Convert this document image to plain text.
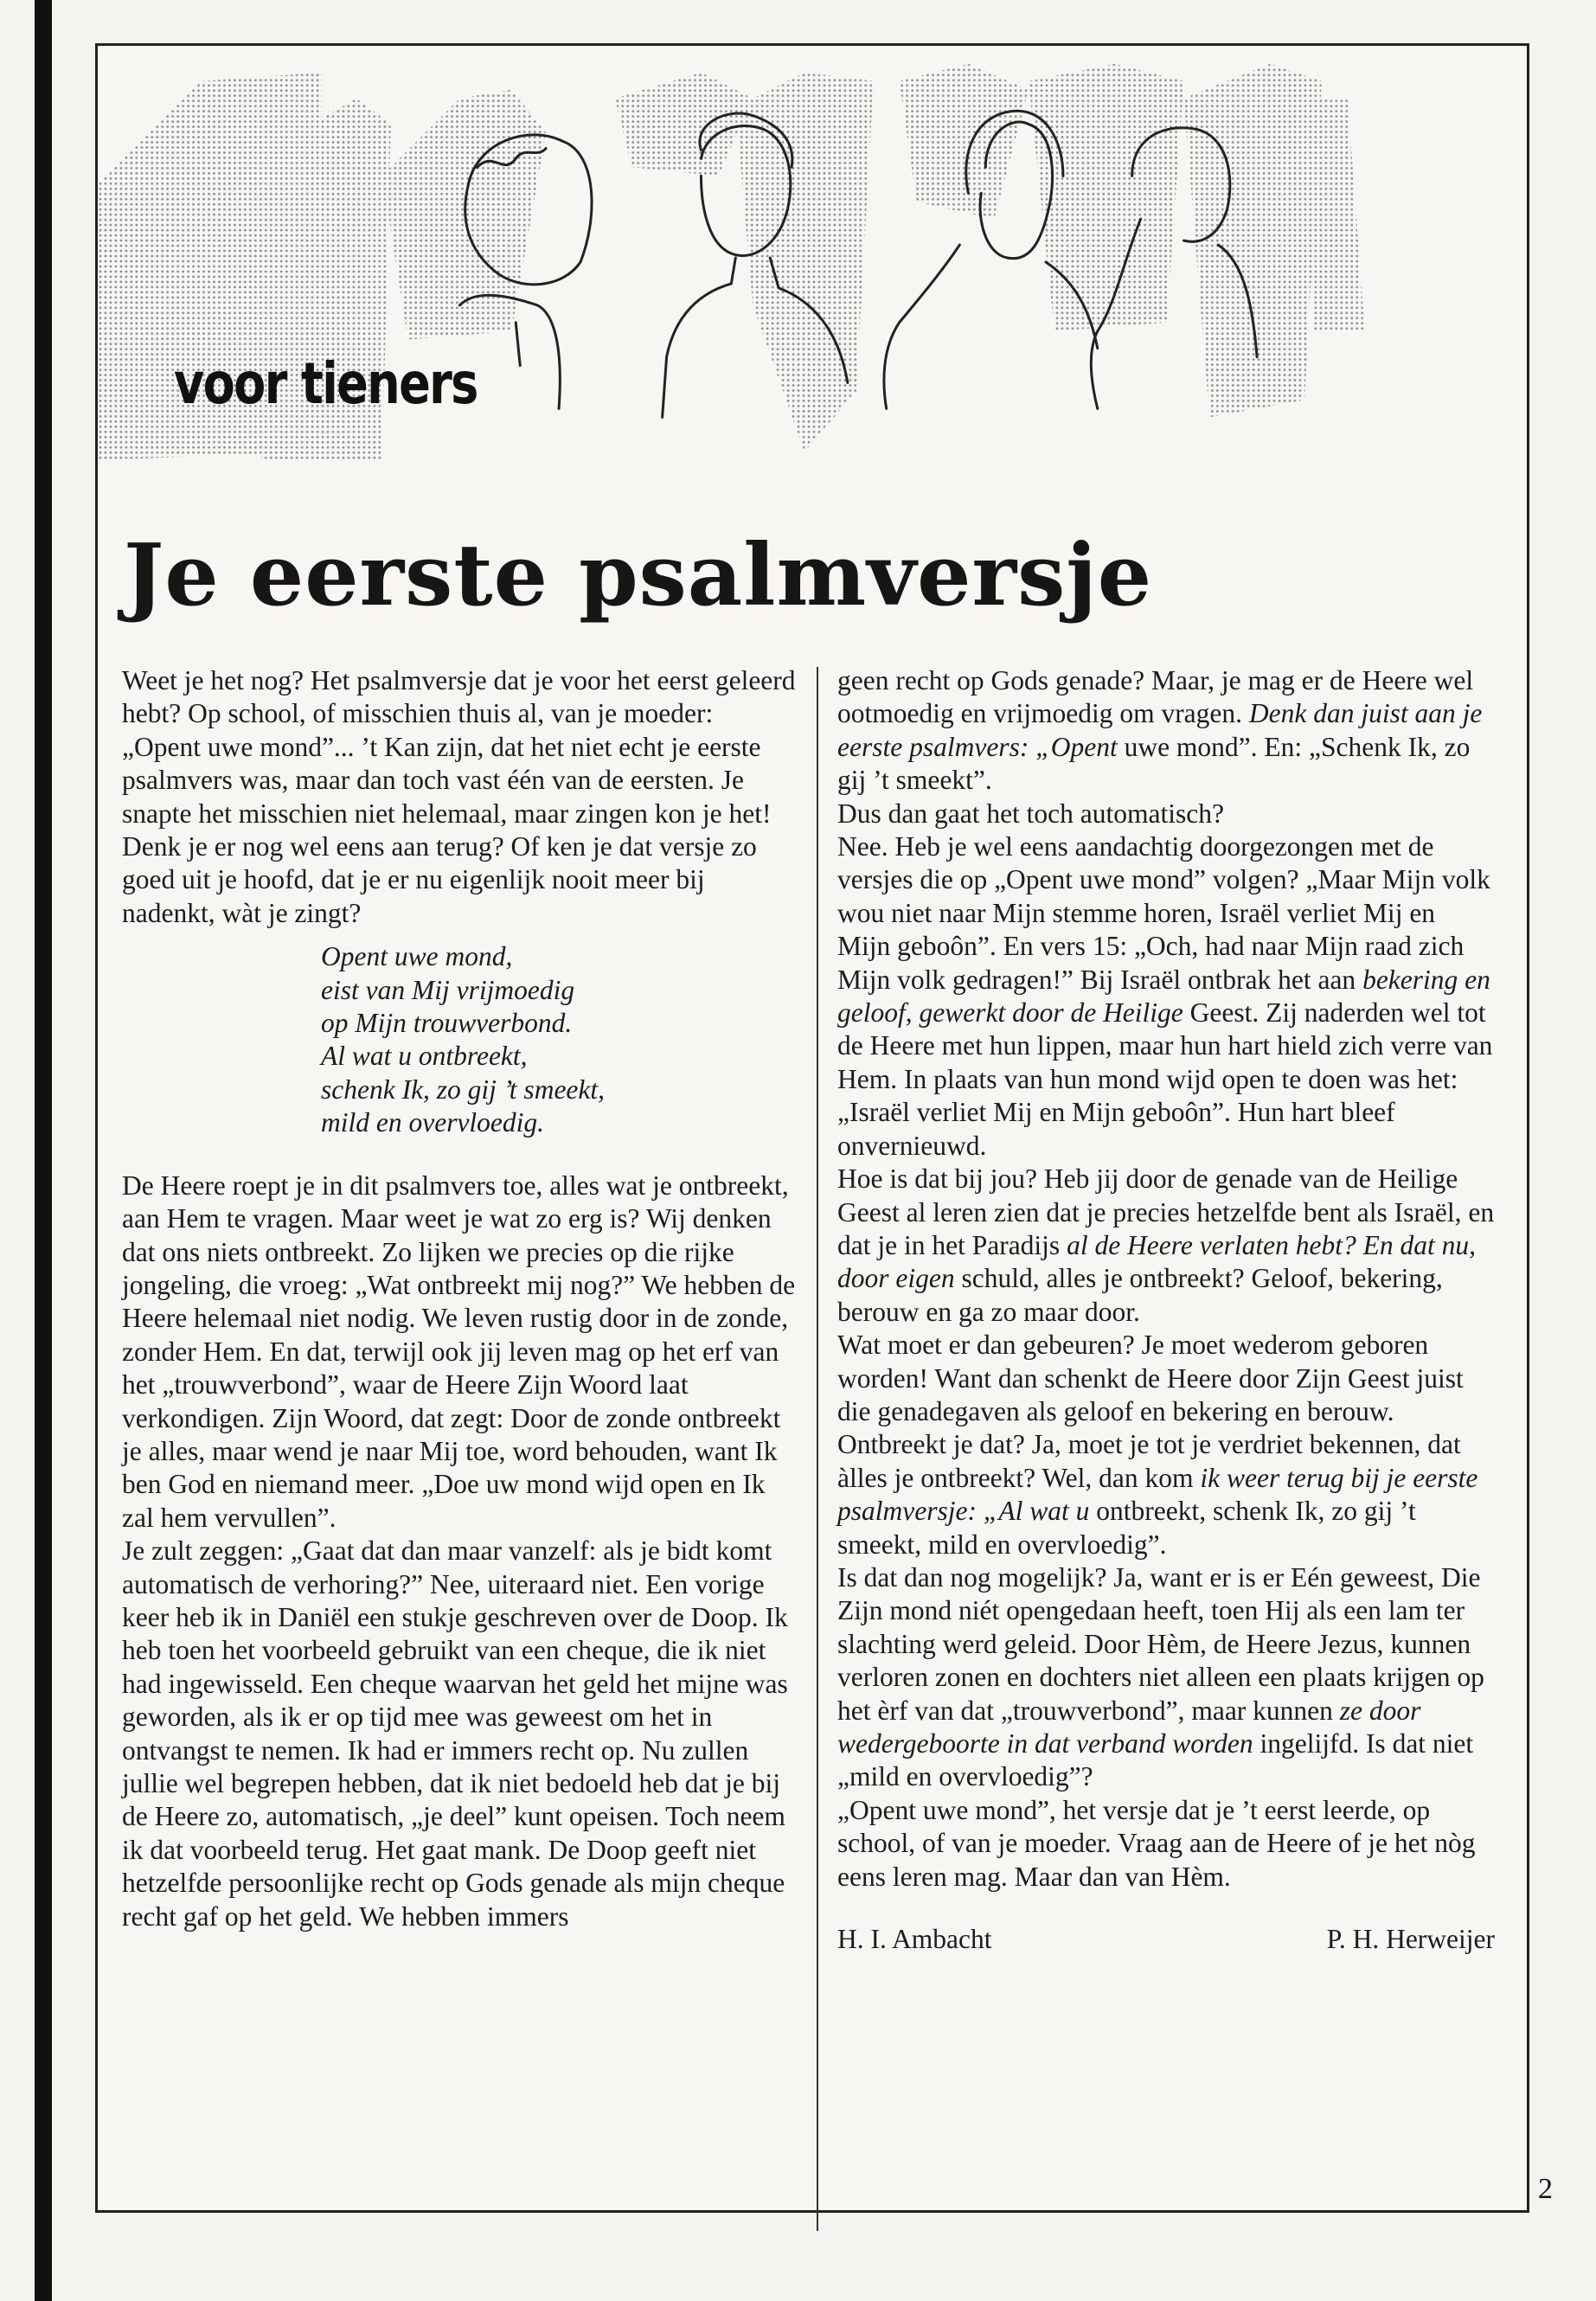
voor tieners
Je eerste psalmversje

Weet je het nog? Het psalmversje dat je voor het eerst geleerd hebt? Op school, of misschien thuis al, van je moeder: „Opent uwe mond”... ’t Kan zijn, dat het niet echt je eerste psalmvers was, maar dan toch vast één van de eersten. Je snapte het misschien niet helemaal, maar zingen kon je het! Denk je er nog wel eens aan terug? Of ken je dat versje zo goed uit je hoofd, dat je er nu eigenlijk nooit meer bij nadenkt, wàt je zingt?

Opent uwe mond,
eist van Mij vrijmoedig
op Mijn trouwverbond.
Al wat u ontbreekt,
schenk Ik, zo gij ’t smeekt,
mild en overvloedig.

De Heere roept je in dit psalmvers toe, alles wat je ontbreekt, aan Hem te vragen. Maar weet je wat zo erg is? Wij denken dat ons niets ontbreekt. Zo lijken we precies op die rijke jongeling, die vroeg: „Wat ontbreekt mij nog?” We hebben de Heere helemaal niet nodig. We leven rustig door in de zonde, zonder Hem. En dat, terwijl ook jij leven mag op het erf van het „trouwverbond”, waar de Heere Zijn Woord laat verkondigen. Zijn Woord, dat zegt: Door de zonde ontbreekt je alles, maar wend je naar Mij toe, word behouden, want Ik ben God en niemand meer. „Doe uw mond wijd open en Ik zal hem vervullen”.

Je zult zeggen: „Gaat dat dan maar vanzelf: als je bidt komt automatisch de verhoring?” Nee, uiteraard niet. Een vorige keer heb ik in Daniël een stukje geschreven over de Doop. Ik heb toen het voorbeeld gebruikt van een cheque, die ik niet had ingewisseld. Een cheque waarvan het geld het mijne was geworden, als ik er op tijd mee was geweest om het in ontvangst te nemen. Ik had er immers recht op. Nu zullen jullie wel begrepen hebben, dat ik niet bedoeld heb dat je bij de Heere zo, automatisch, „je deel” kunt opeisen. Toch neem ik dat voorbeeld terug. Het gaat mank. De Doop geeft niet hetzelfde persoonlijke recht op Gods genade als mijn cheque recht gaf op het geld. We hebben immers

geen recht op Gods genade? Maar, je mag er de Heere wel ootmoedig en vrijmoedig om vragen. Denk dan juist aan je eerste psalmvers: „Opent uwe mond”. En: „Schenk Ik, zo gij ’t smeekt”.

Dus dan gaat het toch automatisch?

Nee. Heb je wel eens aandachtig doorgezongen met de versjes die op „Opent uwe mond” volgen? „Maar Mijn volk wou niet naar Mijn stemme horen, Israël verliet Mij en Mijn geboôn”. En vers 15: „Och, had naar Mijn raad zich Mijn volk gedragen!” Bij Israël ontbrak het aan bekering en geloof, gewerkt door de Heilige Geest. Zij naderden wel tot de Heere met hun lippen, maar hun hart hield zich verre van Hem. In plaats van hun mond wijd open te doen was het: „Israël verliet Mij en Mijn geboôn”. Hun hart bleef onvernieuwd.

Hoe is dat bij jou? Heb jij door de genade van de Heilige Geest al leren zien dat je precies hetzelfde bent als Israël, en dat je in het Paradijs al de Heere verlaten hebt? En dat nu, door eigen schuld, alles je ontbreekt? Geloof, bekering, berouw en ga zo maar door.

Wat moet er dan gebeuren? Je moet wederom geboren worden! Want dan schenkt de Heere door Zijn Geest juist die genadegaven als geloof en bekering en berouw.

Ontbreekt je dat? Ja, moet je tot je verdriet bekennen, dat àlles je ontbreekt? Wel, dan kom ik weer terug bij je eerste psalmversje: „Al wat u ontbreekt, schenk Ik, zo gij ’t smeekt, mild en overvloedig”.

Is dat dan nog mogelijk? Ja, want er is er Eén geweest, Die Zijn mond niét opengedaan heeft, toen Hij als een lam ter slachting werd geleid. Door Hèm, de Heere Jezus, kunnen verloren zonen en dochters niet alleen een plaats krijgen op het èrf van dat „trouwverbond”, maar kunnen ze door wedergeboorte in dat verband worden ingelijfd. Is dat niet „mild en overvloedig”?

„Opent uwe mond”, het versje dat je ’t eerst leerde, op school, of van je moeder. Vraag aan de Heere of je het nòg eens leren mag. Maar dan van Hèm.

H. I. Ambacht	P. H. Herweijer

2
